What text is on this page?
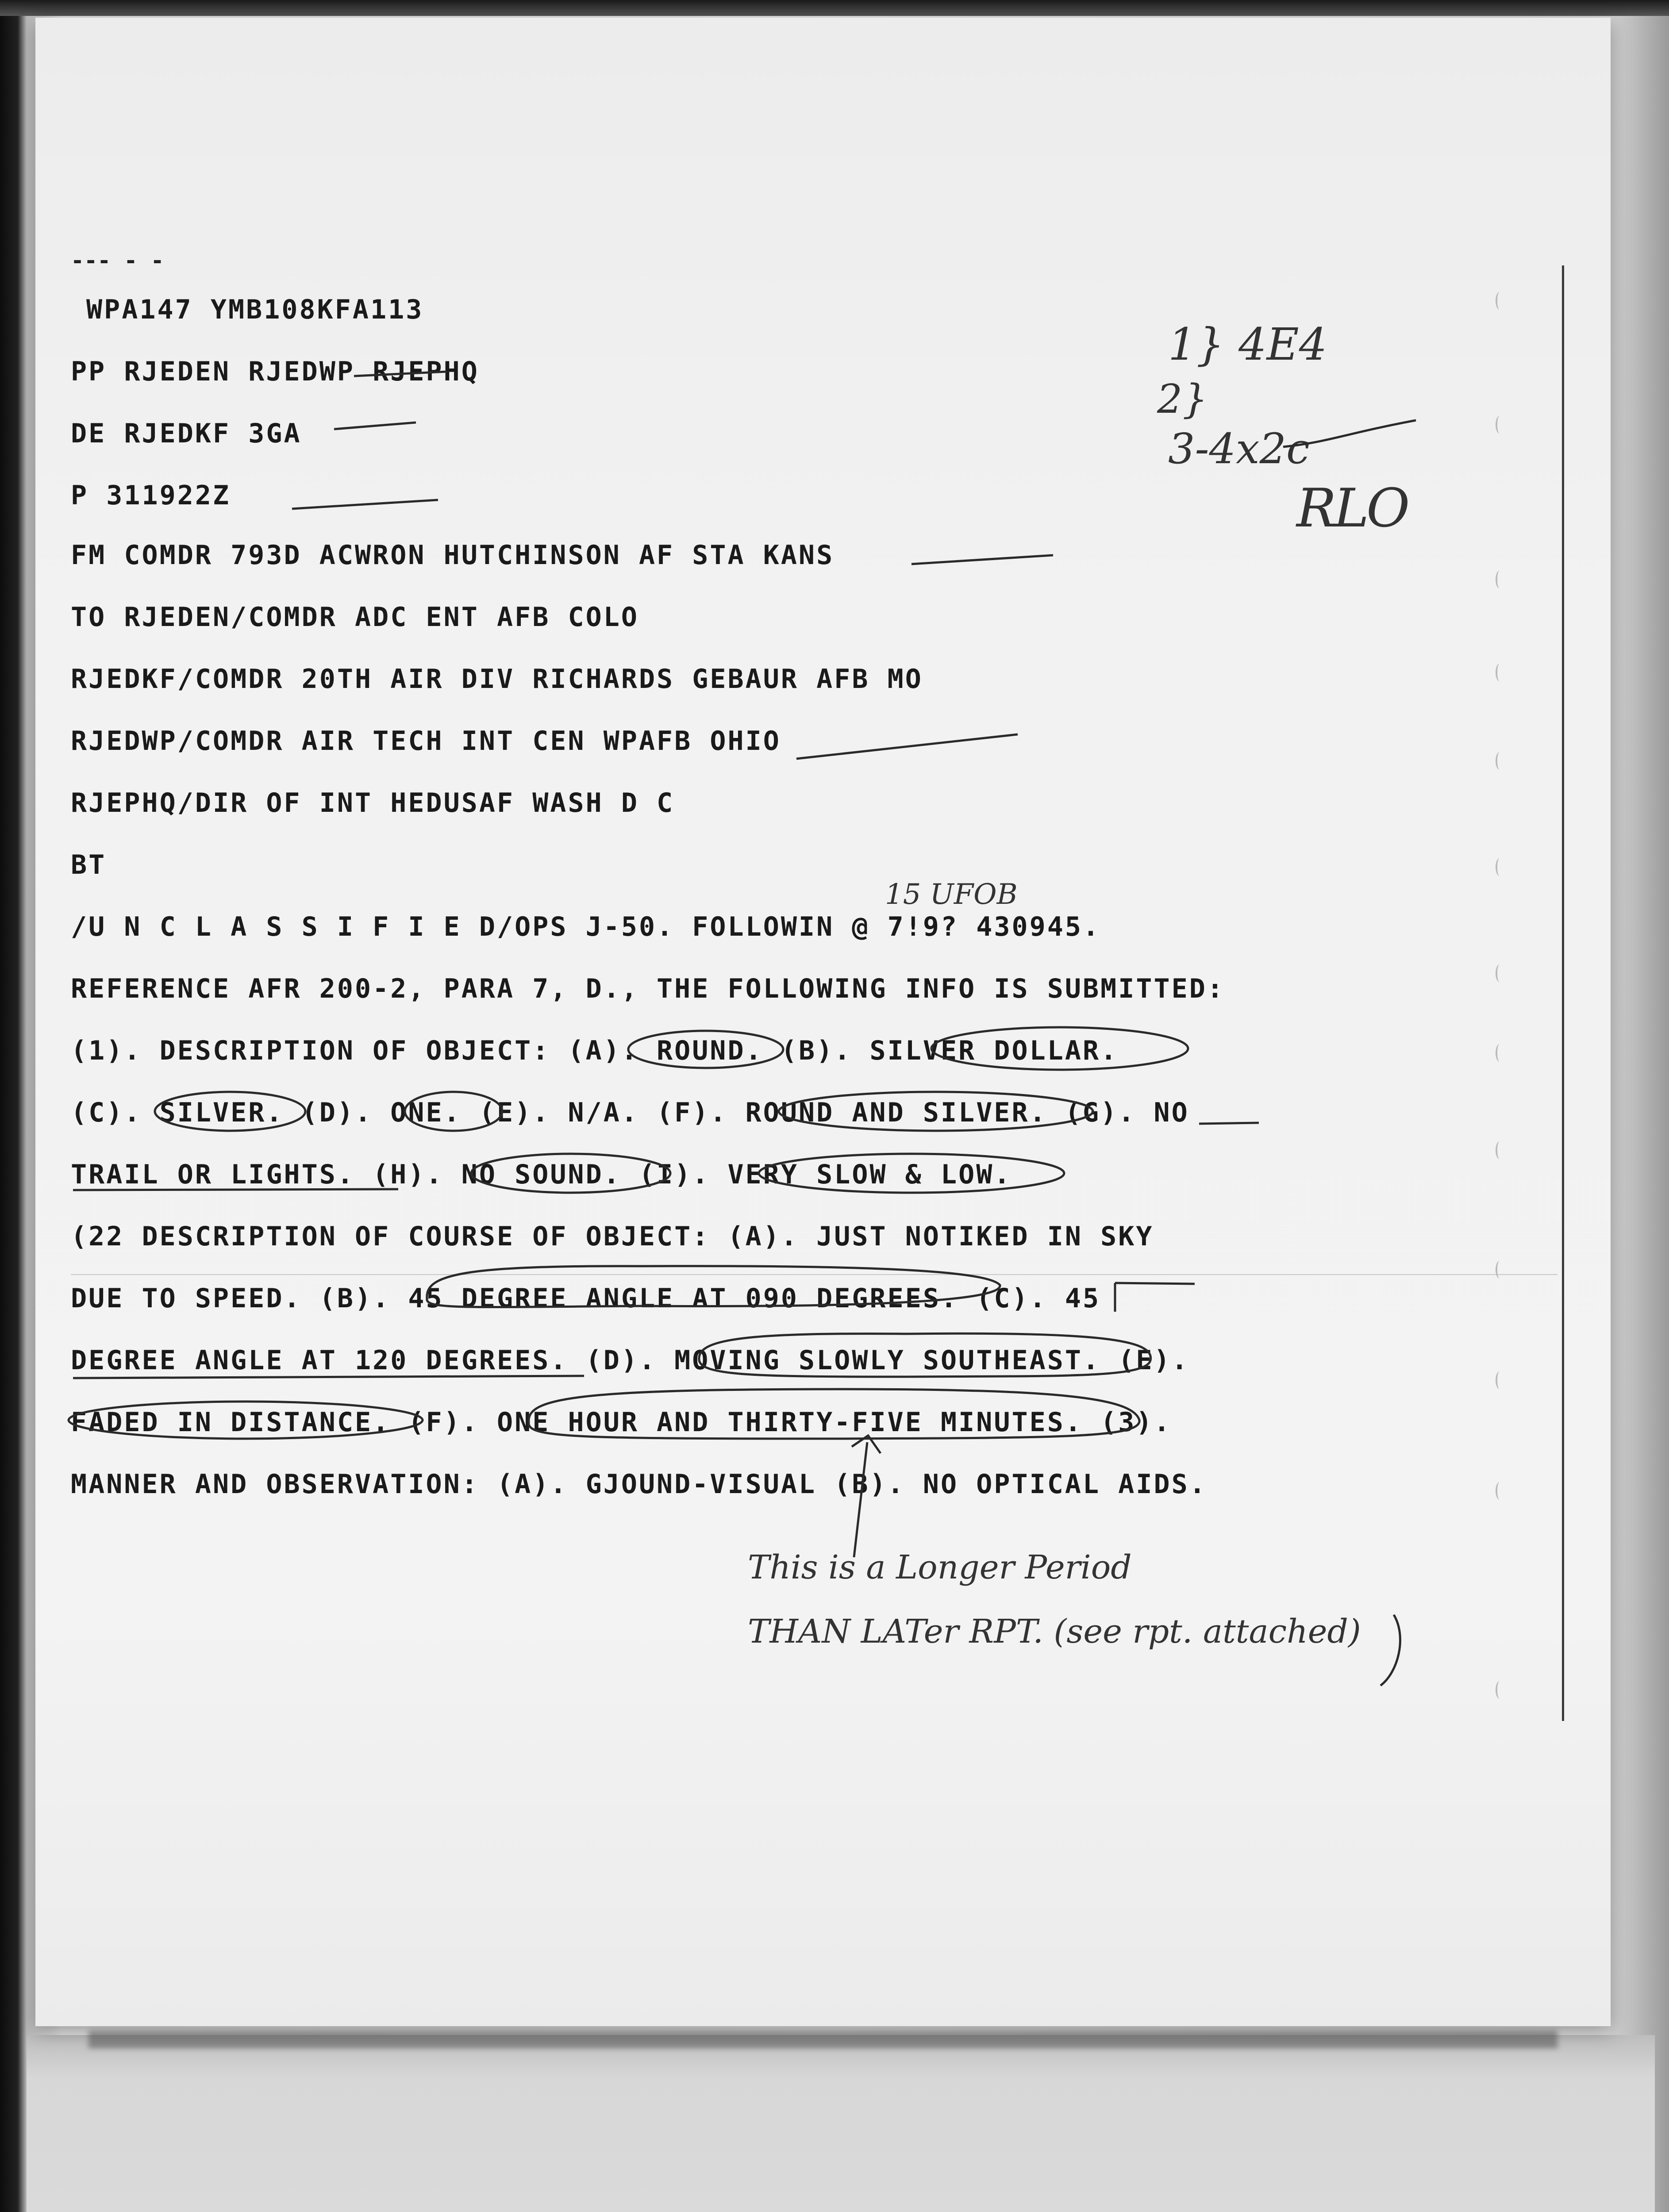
--- - -

WPA147 YMB108KFA113

PP RJEDEN RJEDWP RJEPHQ

DE RJEDKF 3GA

P 311922Z

FM COMDR 793D ACWRON HUTCHINSON AF STA KANS

TO RJEDEN/COMDR ADC ENT AFB COLO

RJEDKF/COMDR 20TH AIR DIV RICHARDS GEBAUR AFB MO

RJEDWP/COMDR AIR TECH INT CEN WPAFB OHIO

RJEPHQ/DIR OF INT HEDUSAF WASH D C

BT

/U N C L A S S I F I E D/OPS J-50. FOLLOWIN @ 7!9? 430945.

REFERENCE AFR 200-2, PARA 7, D., THE FOLLOWING INFO IS SUBMITTED:

(1). DESCRIPTION OF OBJECT: (A). ROUND. (B). SILVER DOLLAR.

(C). SILVER. (D). ONE. (E). N/A. (F). ROUND AND SILVER. (G). NO

TRAIL OR LIGHTS. (H). NO SOUND. (I). VERY SLOW & LOW.

(22 DESCRIPTION OF COURSE OF OBJECT: (A). JUST NOTIKED IN SKY

DUE TO SPEED. (B). 45 DEGREE ANGLE AT 090 DEGREES. (C). 45

DEGREE ANGLE AT 120 DEGREES. (D). MOVING SLOWLY SOUTHEAST. (E).

FADED IN DISTANCE. (F). ONE HOUR AND THIRTY-FIVE MINUTES. (3).

MANNER AND OBSERVATION: (A). GJOUND-VISUAL (B). NO OPTICAL AIDS.

1} 4E4
2}
3-4x2c
RLO
15 UFOB
This is a Longer Period
THAN LATer RPT. (see rpt. attached)
